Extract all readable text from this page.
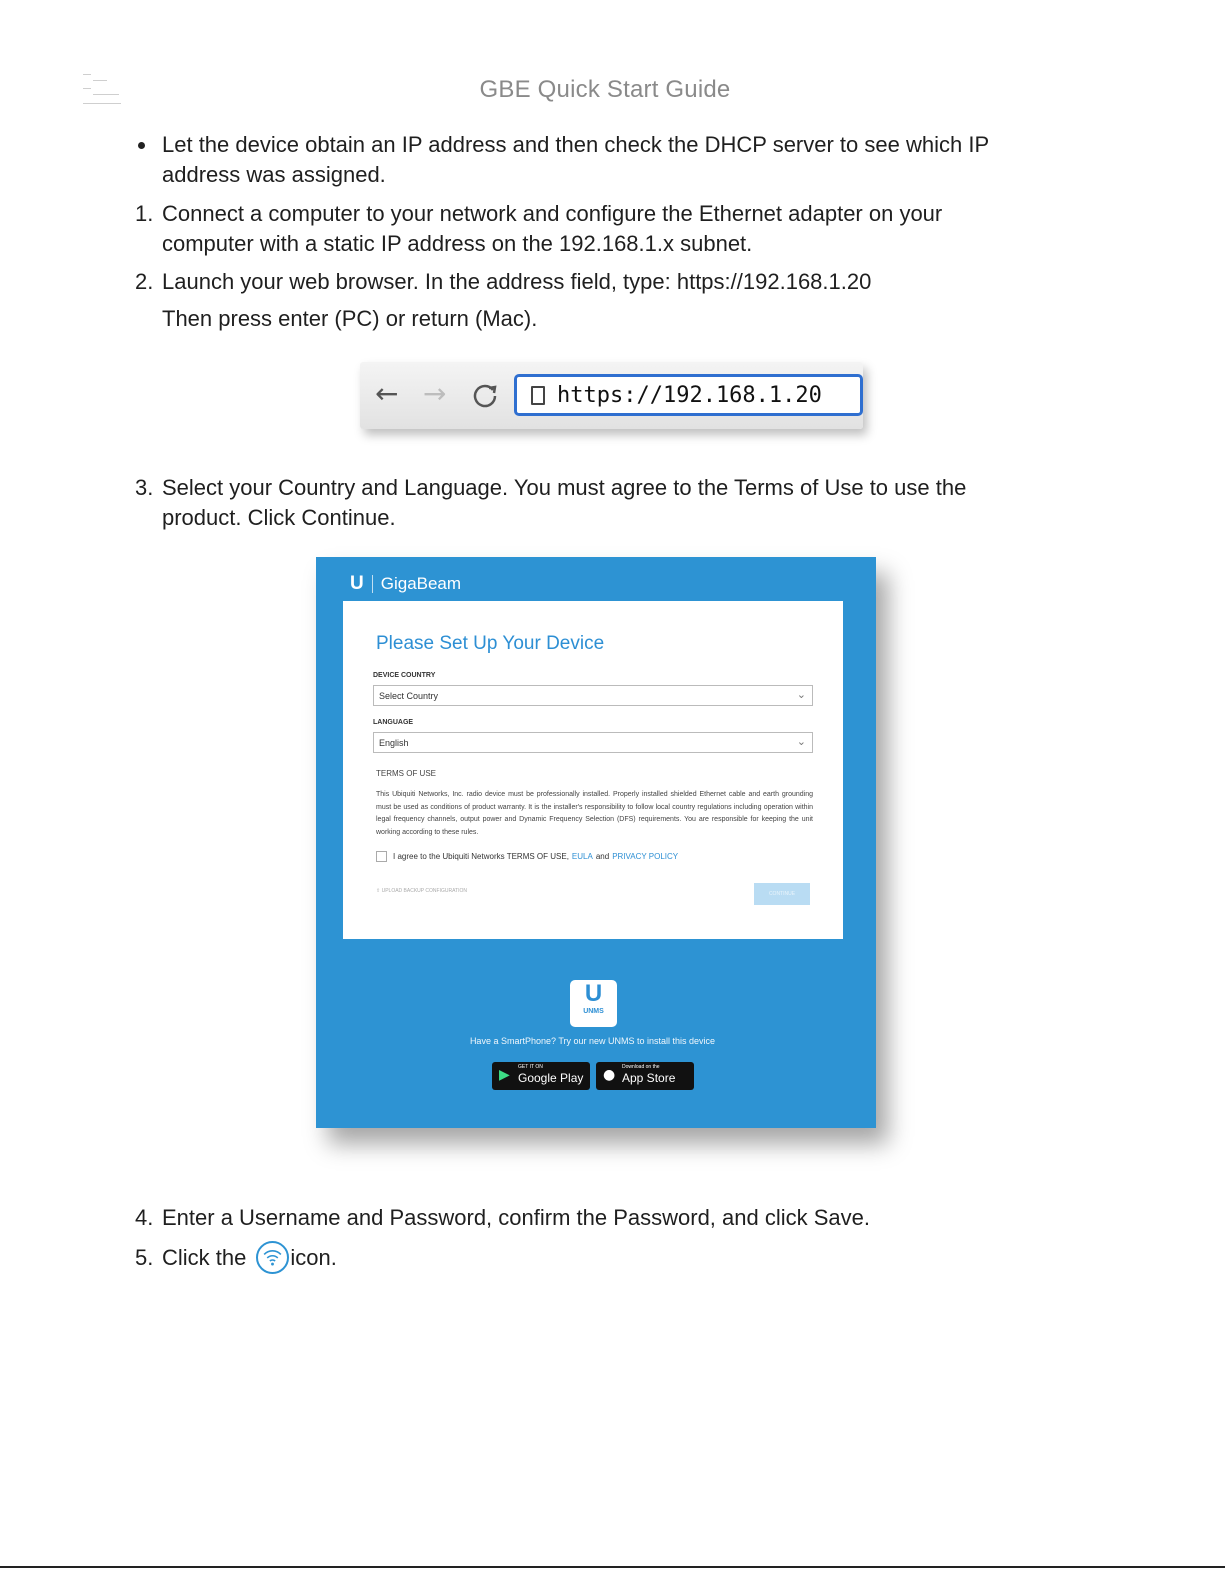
GBE Quick Start Guide
Let the device obtain an IP address and then check the DHCP server to see which IP
address was assigned.
1. Connect a computer to your network and configure the Ethernet adapter on your
computer with a static IP address on the 192.168.1.x subnet.
2. Launch your web browser. In the address field, type: https://192.168.1.20
Then press enter (PC) or return (Mac).
← →	https://192.168.1.20
3. Select your Country and Language. You must agree to the Terms of Use to use the
product. Click Continue.
U GigaBeam
Please Set Up Your Device
DEVICE COUNTRY
Select Country	⌄
LANGUAGE
English	⌄
TERMS OF USE
This Ubiquiti Networks, Inc. radio device must be professionally installed. Properly installed shielded Ethernet cable and earth grounding must be used as conditions of product warranty. It is the installer's responsibility to follow local country regulations including operation within legal frequency channels, output power and Dynamic Frequency Selection (DFS) requirements. You are responsible for keeping the unit working according to these rules.
I agree to the Ubiquiti Networks TERMS OF USE, EULA and PRIVACY POLICY
⇧ UPLOAD BACKUP CONFIGURATION	CONTINUE
U
UNMS
Have a SmartPhone? Try our new UNMS to install this device
▶ GET IT ON
Google Play ● Download on the
App Store
4. Enter a Username and Password, confirm the Password, and click Save.
5. Click the icon.
